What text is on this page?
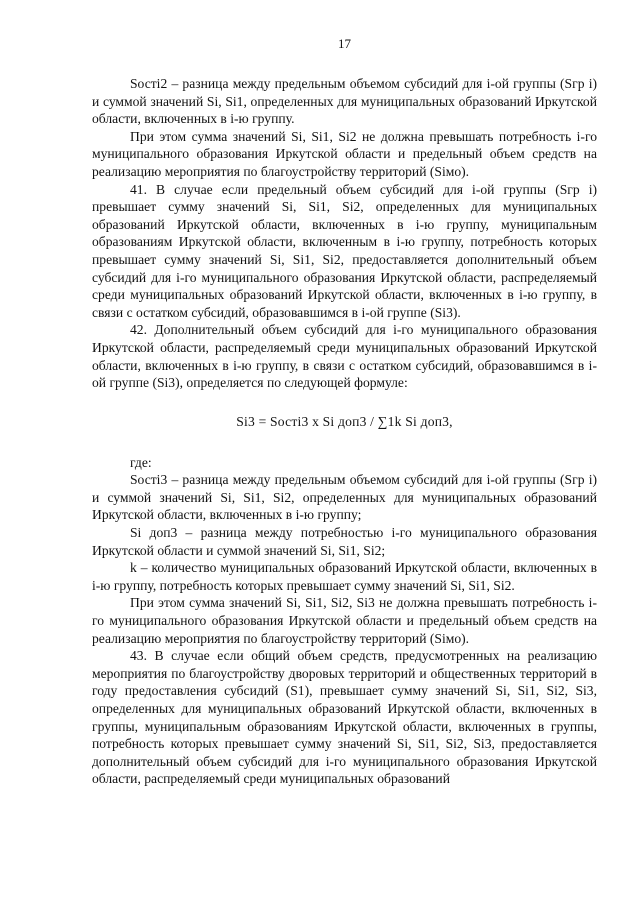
17

Sостi2 – разница между предельным объемом субсидий для i-ой группы (Sгр i) и суммой значений Si, Si1, определенных для муниципальных образований Иркутской области, включенных в i-ю группу.

При этом сумма значений Si, Si1, Si2 не должна превышать потребность i-го муниципального образования Иркутской области и предельный объем средств на реализацию мероприятия по благоустройству территорий (Siмо).

41. В случае если предельный объем субсидий для i-ой группы (Sгр i) превышает сумму значений Si, Si1, Si2, определенных для муниципальных образований Иркутской области, включенных в i-ю группу, муниципальным образованиям Иркутской области, включенным в i-ю группу, потребность которых превышает сумму значений Si, Si1, Si2, предоставляется дополнительный объем субсидий для i-го муниципального образования Иркутской области, распределяемый среди муниципальных образований Иркутской области, включенных в i-ю группу, в связи с остатком субсидий, образовавшимся в i-ой группе (Si3).

42. Дополнительный объем субсидий для i-го муниципального образования Иркутской области, распределяемый среди муниципальных образований Иркутской области, включенных в i-ю группу, в связи с остатком субсидий, образовавшимся в i-ой группе (Si3), определяется по следующей формуле:

Si3 = Sостi3 x Si доп3 / ∑1k Si доп3,
где:

Sостi3 – разница между предельным объемом субсидий для i-ой группы (Sгр i) и суммой значений Si, Si1, Si2, определенных для муниципальных образований Иркутской области, включенных в i-ю группу;

Si доп3 – разница между потребностью i-го муниципального образования Иркутской области и суммой значений Si, Si1, Si2;

k – количество муниципальных образований Иркутской области, включенных в i-ю группу, потребность которых превышает сумму значений Si, Si1, Si2.

При этом сумма значений Si, Si1, Si2, Si3 не должна превышать потребность i-го муниципального образования Иркутской области и предельный объем средств на реализацию мероприятия по благоустройству территорий (Siмо).

43. В случае если общий объем средств, предусмотренных на реализацию мероприятия по благоустройству дворовых территорий и общественных территорий в году предоставления субсидий (S1), превышает сумму значений Si, Si1, Si2, Si3, определенных для муниципальных образований Иркутской области, включенных в группы, муниципальным образованиям Иркутской области, включенных в группы, потребность которых превышает сумму значений Si, Si1, Si2, Si3, предоставляется дополнительный объем субсидий для i-го муниципального образования Иркутской области, распределяемый среди муниципальных образований
